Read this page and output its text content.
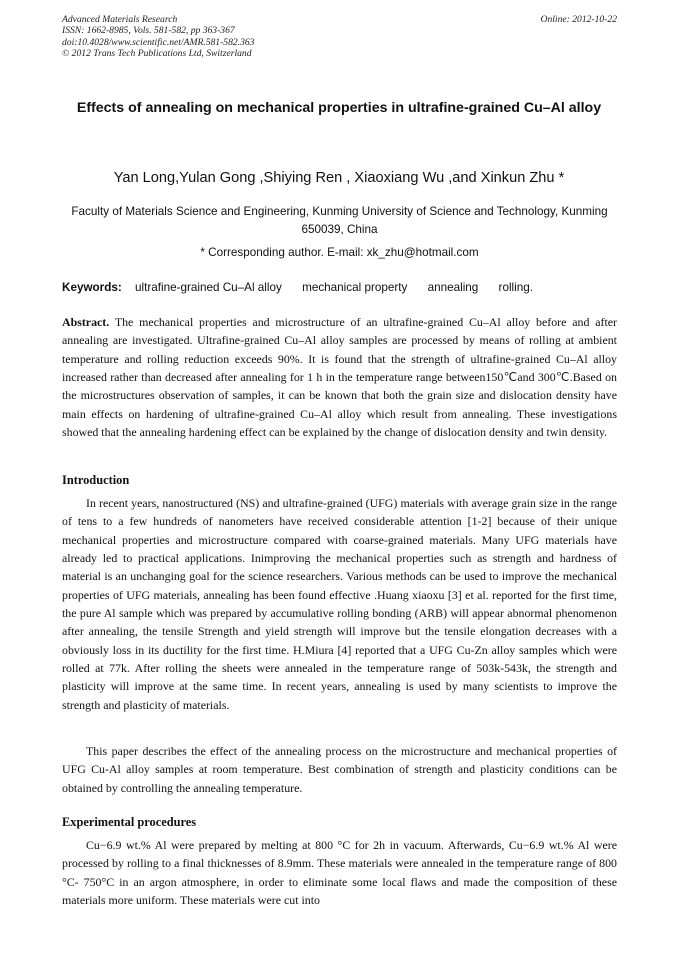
Advanced Materials Research
ISSN: 1662-8985, Vols. 581-582, pp 363-367
doi:10.4028/www.scientific.net/AMR.581-582.363
© 2012 Trans Tech Publications Ltd, Switzerland
Online: 2012-10-22
Effects of annealing on mechanical properties in ultrafine-grained Cu–Al alloy
Yan Long,Yulan Gong ,Shiying Ren , Xiaoxiang Wu ,and Xinkun Zhu *
Faculty of Materials Science and Engineering, Kunming University of Science and Technology, Kunming 650039, China
* Corresponding author. E-mail: xk_zhu@hotmail.com
Keywords: ultrafine-grained Cu–Al alloy mechanical property annealing rolling.
Abstract. The mechanical properties and microstructure of an ultrafine-grained Cu–Al alloy before and after annealing are investigated. Ultrafine-grained Cu–Al alloy samples are processed by means of rolling at ambient temperature and rolling reduction exceeds 90%. It is found that the strength of ultrafine-grained Cu–Al alloy increased rather than decreased after annealing for 1 h in the temperature range between150℃and 300℃.Based on the microstructures observation of samples, it can be known that both the grain size and dislocation density have main effects on hardening of ultrafine-grained Cu–Al alloy which result from annealing. These investigations showed that the annealing hardening effect can be explained by the change of dislocation density and twin density.
Introduction
In recent years, nanostructured (NS) and ultrafine-grained (UFG) materials with average grain size in the range of tens to a few hundreds of nanometers have received considerable attention [1-2] because of their unique mechanical properties and microstructure compared with coarse-grained materials. Many UFG materials have already led to practical applications. Inimproving the mechanical properties such as strength and hardness of material is an unchanging goal for the science researchers. Various methods can be used to improve the mechanical properties of UFG materials, annealing has been found effective .Huang xiaoxu [3] et al. reported for the first time, the pure Al sample which was prepared by accumulative rolling bonding (ARB) will appear abnormal phenomenon after annealing, the tensile Strength and yield strength will improve but the tensile elongation decreases with a obviously loss in its ductility for the first time. H.Miura [4] reported that a UFG Cu-Zn alloy samples which were rolled at 77k. After rolling the sheets were annealed in the temperature range of 503k-543k, the strength and plasticity will improve at the same time. In recent years, annealing is used by many scientists to improve the strength and plasticity of materials.
This paper describes the effect of the annealing process on the microstructure and mechanical properties of UFG Cu-Al alloy samples at room temperature. Best combination of strength and plasticity conditions can be obtained by controlling the annealing temperature.
Experimental procedures
Cu−6.9 wt.% Al were prepared by melting at 800 °C for 2h in vacuum. Afterwards, Cu−6.9 wt.% Al were processed by rolling to a final thicknesses of 8.9mm. These materials were annealed in the temperature range of 800 °C- 750°C in an argon atmosphere, in order to eliminate some local flaws and made the composition of these materials more uniform. These materials were cut into
